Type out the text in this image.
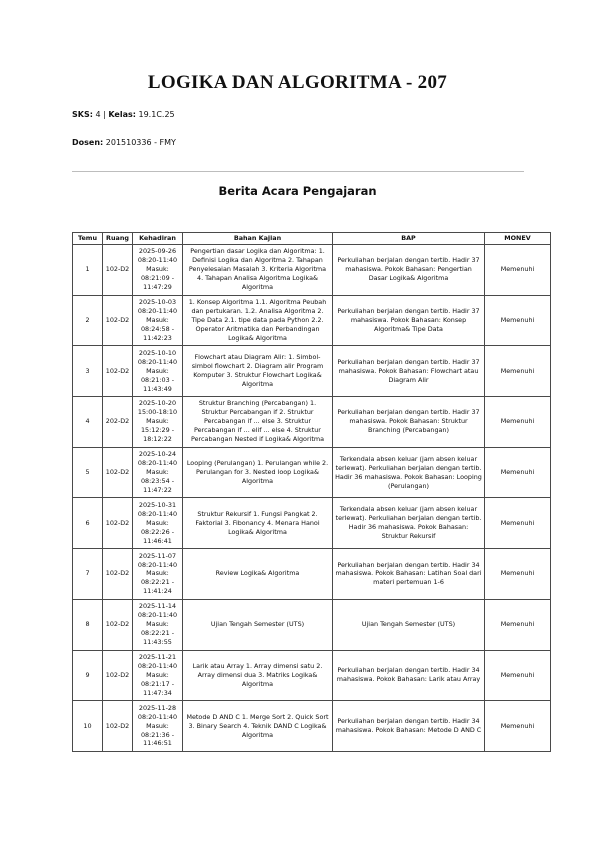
LOGIKA DAN ALGORITMA - 207
SKS: 4 | Kelas: 19.1C.25
Dosen: 201510336 - FMY
Berita Acara Pengajaran
Temu	Ruang	Kehadiran	Bahan Kajian	BAP	MONEV
1	102-D2	2025-09-26
08:20-11:40
Masuk:
08:21:09 -
11:47:29	Pengertian dasar Logika dan Algoritma: 1. Definisi Logika dan Algoritma 2. Tahapan Penyelesaian Masalah 3. Kriteria Algoritma 4. Tahapan Analisa Algoritma Logika& Algoritma	Perkuliahan berjalan dengan tertib. Hadir 37 mahasiswa. Pokok Bahasan: Pengertian Dasar Logika& Algoritma	Memenuhi
2	102-D2	2025-10-03
08:20-11:40
Masuk:
08:24:58 -
11:42:23	1. Konsep Algoritma 1.1. Algoritma Peubah dan pertukaran. 1.2. Analisa Algoritma 2. Tipe Data 2.1. tipe data pada Python 2.2. Operator Aritmatika dan Perbandingan Logika& Algoritma	Perkuliahan berjalan dengan tertib. Hadir 37 mahasiswa. Pokok Bahasan: Konsep Algoritma& Tipe Data	Memenuhi
3	102-D2	2025-10-10
08:20-11:40
Masuk:
08:21:03 -
11:43:49	Flowchart atau Diagram Alir: 1. Simbol-simbol flowchart 2. Diagram alir Program Komputer 3. Struktur Flowchart Logika& Algoritma	Perkuliahan berjalan dengan tertib. Hadir 37 mahasiswa. Pokok Bahasan: Flowchart atau Diagram Alir	Memenuhi
4	202-D2	2025-10-20
15:00-18:10
Masuk:
15:12:29 -
18:12:22	Struktur Branching (Percabangan) 1. Struktur Percabangan if 2. Struktur Percabangan if ... else 3. Struktur Percabangan if ... elif ... else 4. Struktur Percabangan Nested if Logika& Algoritma	Perkuliahan berjalan dengan tertib. Hadir 37 mahasiswa. Pokok Bahasan: Struktur Branching (Percabangan)	Memenuhi
5	102-D2	2025-10-24
08:20-11:40
Masuk:
08:23:54 -
11:47:22	Looping (Perulangan) 1. Perulangan while 2. Perulangan for 3. Nested loop Logika& Algoritma	Terkendala absen keluar (jam absen keluar terlewat). Perkuliahan berjalan dengan tertib. Hadir 36 mahasiswa. Pokok Bahasan: Looping (Perulangan)	Memenuhi
6	102-D2	2025-10-31
08:20-11:40
Masuk:
08:22:26 -
11:46:41	Struktur Rekursif 1. Fungsi Pangkat 2. Faktorial 3. Fibonancy 4. Menara Hanoi Logika& Algoritma	Terkendala absen keluar (jam absen keluar terlewat). Perkuliahan berjalan dengan tertib. Hadir 36 mahasiswa. Pokok Bahasan: Struktur Rekursif	Memenuhi
7	102-D2	2025-11-07
08:20-11:40
Masuk:
08:22:21 -
11:41:24	Review Logika& Algoritma	Perkuliahan berjalan dengan tertib. Hadir 34 mahasiswa. Pokok Bahasan: Latihan Soal dari materi pertemuan 1-6	Memenuhi
8	102-D2	2025-11-14
08:20-11:40
Masuk:
08:22:21 -
11:43:55	Ujian Tengah Semester (UTS)	Ujian Tengah Semester (UTS)	Memenuhi
9	102-D2	2025-11-21
08:20-11:40
Masuk:
08:21:17 -
11:47:34	Larik atau Array 1. Array dimensi satu 2. Array dimensi dua 3. Matriks Logika& Algoritma	Perkuliahan berjalan dengan tertib. Hadir 34 mahasiswa. Pokok Bahasan: Larik atau Array	Memenuhi
10	102-D2	2025-11-28
08:20-11:40
Masuk:
08:21:36 -
11:46:51	Metode D AND C 1. Merge Sort 2. Quick Sort 3. Binary Search 4. Teknik DAND C Logika& Algoritma	Perkuliahan berjalan dengan tertib. Hadir 34 mahasiswa. Pokok Bahasan: Metode D AND C	Memenuhi
